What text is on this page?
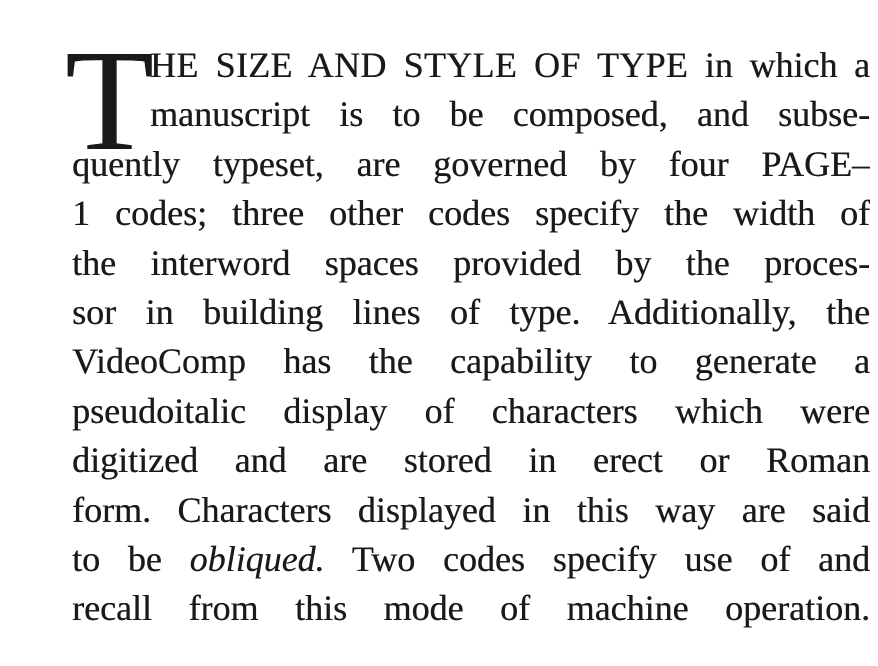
T
HE SIZE AND STYLE OF TYPE in which a
manuscript is to be composed, and subse-
quently typeset, are governed by four PAGE–
1 codes; three other codes specify the width of
the interword spaces provided by the proces-
sor in building lines of type. Additionally, the
VideoComp has the capability to generate a
pseudoitalic display of characters which were
digitized and are stored in erect or Roman
form. Characters displayed in this way are said
to be obliqued. Two codes specify use of and
recall from this mode of machine operation.
